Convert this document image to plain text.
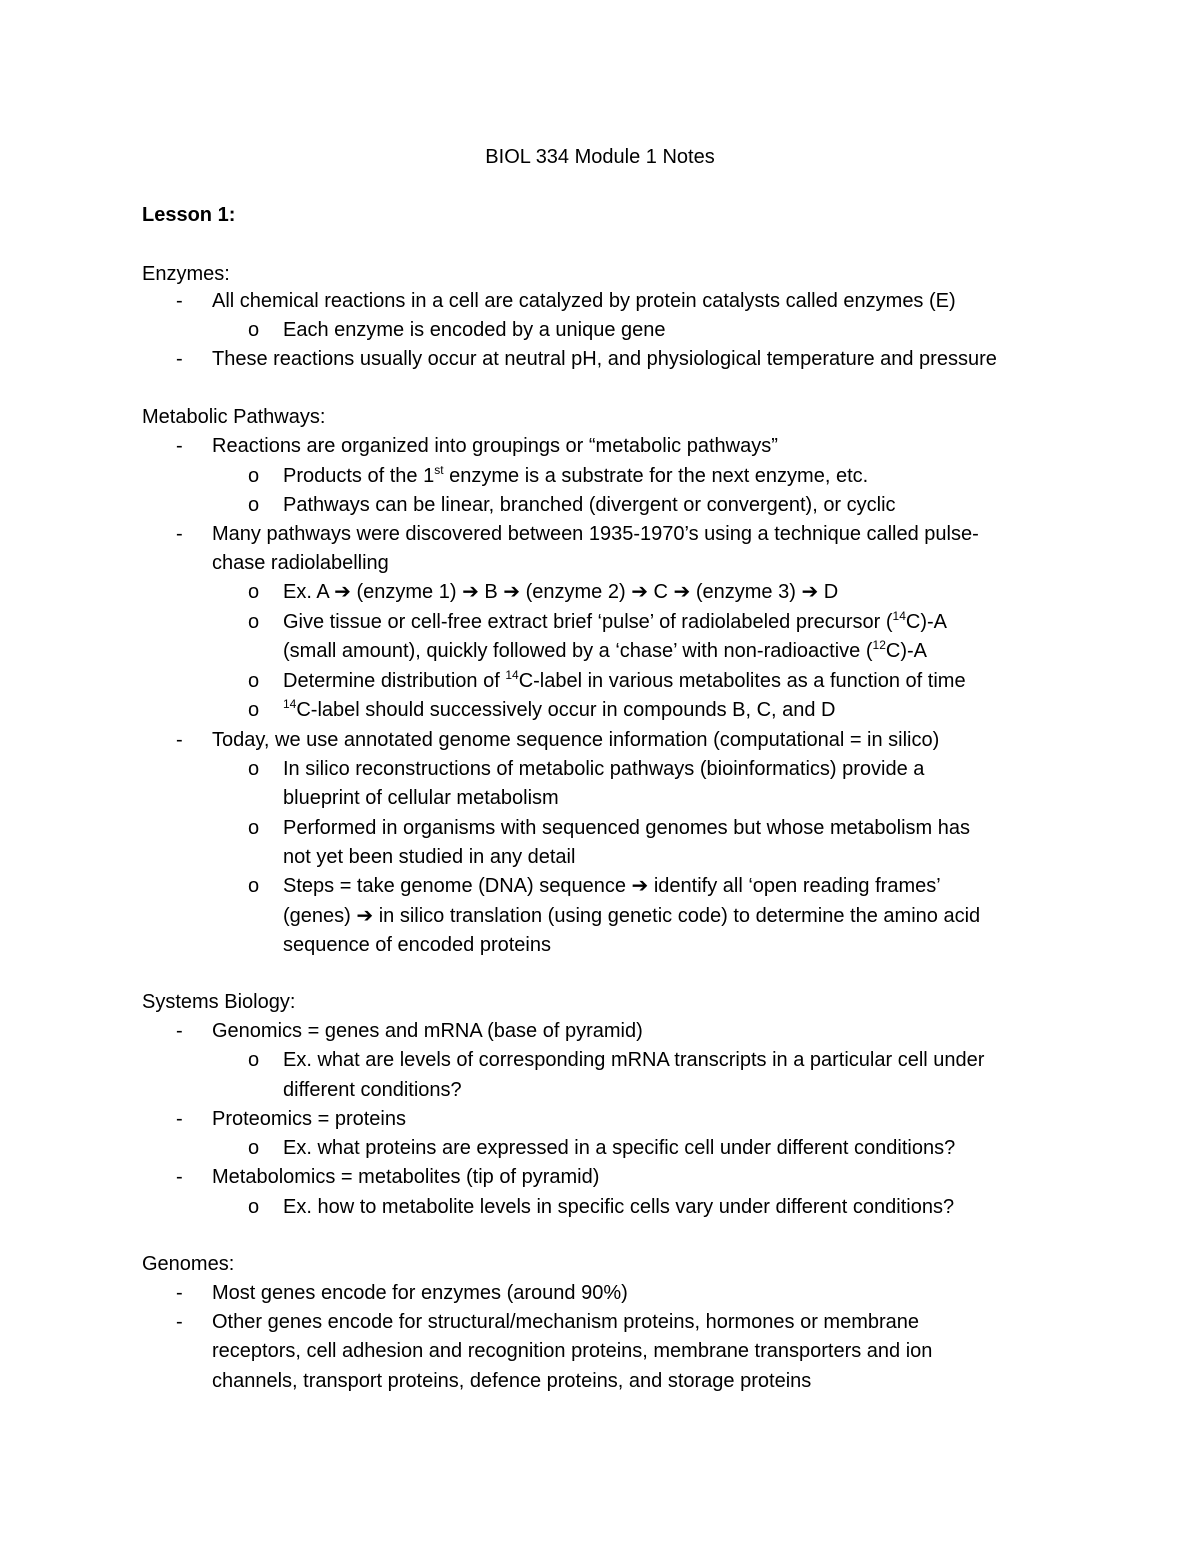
BIOL 334 Module 1 Notes
Lesson 1:
Enzymes:
- All chemical reactions in a cell are catalyzed by protein catalysts called enzymes (E)
o Each enzyme is encoded by a unique gene
- These reactions usually occur at neutral pH, and physiological temperature and pressure
Metabolic Pathways:
- Reactions are organized into groupings or “metabolic pathways”
o Products of the 1st enzyme is a substrate for the next enzyme, etc.
o Pathways can be linear, branched (divergent or convergent), or cyclic
- Many pathways were discovered between 1935-1970’s using a technique called pulse-
chase radiolabelling
o Ex. A ➔ (enzyme 1) ➔ B ➔ (enzyme 2) ➔ C ➔ (enzyme 3) ➔ D
o Give tissue or cell-free extract brief ‘pulse’ of radiolabeled precursor ($^{14}$C)-A
(small amount), quickly followed by a ‘chase’ with non-radioactive ($^{12}$C)-A
o Determine distribution of $^{14}$C-label in various metabolites as a function of time
o $^{14}$C-label should successively occur in compounds B, C, and D
- Today, we use annotated genome sequence information (computational = in silico)
o In silico reconstructions of metabolic pathways (bioinformatics) provide a
blueprint of cellular metabolism
o Performed in organisms with sequenced genomes but whose metabolism has
not yet been studied in any detail
o Steps = take genome (DNA) sequence ➔ identify all ‘open reading frames’
(genes) ➔ in silico translation (using genetic code) to determine the amino acid
sequence of encoded proteins
Systems Biology:
- Genomics = genes and mRNA (base of pyramid)
o Ex. what are levels of corresponding mRNA transcripts in a particular cell under
different conditions?
- Proteomics = proteins
o Ex. what proteins are expressed in a specific cell under different conditions?
- Metabolomics = metabolites (tip of pyramid)
o Ex. how to metabolite levels in specific cells vary under different conditions?
Genomes:
- Most genes encode for enzymes (around 90%)
- Other genes encode for structural/mechanism proteins, hormones or membrane
receptors, cell adhesion and recognition proteins, membrane transporters and ion
channels, transport proteins, defence proteins, and storage proteins
